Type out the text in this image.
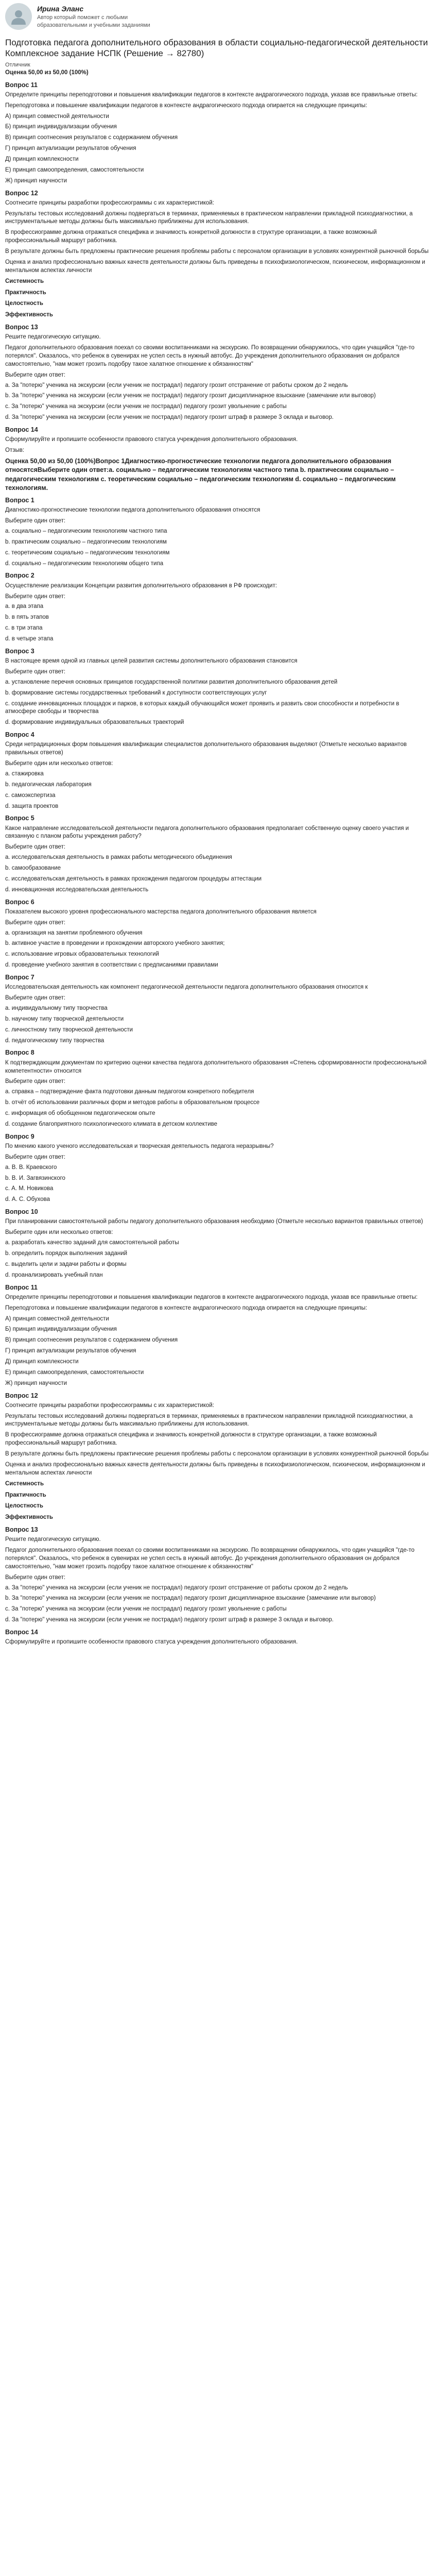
Ирина Эланс
Автор который поможет с любыми образовательными и учебными заданиями
Подготовка педагога дополнительного образования в области социально-педагогической деятельности Комплексное задание НСПК (Решение → 82780)
Отличник
Оценка 50,00 из 50,00 (100%)
Вопрос 11
Определите принципы переподготовки и повышения квалификации педагогов в контексте андрагогического подхода, указав все правильные ответы:
Переподготовка и повышение квалификации педагогов в контексте андрагогического подхода опирается на следующие принципы:
А) принцип совместной деятельности
Б) принцип индивидуализации обучения
В) принцип соотнесения результатов с содержанием обучения
Г) принцип актуализации результатов обучения
Д) принцип комплексности
Е) принцип самоопределения, самостоятельности
Ж) принцип научности
Вопрос 12
Соотнесите принципы разработки профессиограммы с их характеристикой:
Результаты тестовых исследований должны подвергаться в терминах, применяемых в практическом направлении прикладной психодиагностики, а инструментальные методы должны быть максимально приближены для использования.
В профессиограмме должна отражаться специфика и значимость конкретной должности в структуре организации, а также возможный профессиональный маршрут работника.
В результате должны быть предложены практические решения проблемы работы с персоналом организации в условиях конкурентной рыночной борьбы
Оценка и анализ профессионально важных качеств деятельности должны быть приведены в психофизиологическом, психическом, информационном и ментальном аспектах личности
Системность
Практичность
Целостность
Эффективность
Вопрос 13
Решите педагогическую ситуацию.
Педагог дополнительного образования поехал со своими воспитанниками на экскурсию. По возвращении обнаружилось, что один учащийся "где-то потерялся". Оказалось, что ребенок в сувенирах не успел сесть в нужный автобус. До учреждения дополнительного образования он добрался самостоятельно, "нам может грозить подобру такое халатное отношение к обязанностям"
Выберите один ответ:
а. За "потерю" ученика на экскурсии (если ученик не пострадал) педагогу грозит отстранение от работы сроком до 2 недель
b. За "потерю" ученика на экскурсии (если ученик не пострадал) педагогу грозит дисциплинарное взыскание (замечание или выговор)
c. За "потерю" ученика на экскурсии (если ученик не пострадал) педагогу грозит увольнение с работы
d. За "потерю" ученика на экскурсии (если ученик не пострадал) педагогу грозит штраф в размере 3 оклада и выговор.
Вопрос 14
Сформулируйте и пропишите особенности правового статуса учреждения дополнительного образования.
Отзыв:
Оценка 50,00 из 50,00 (100%)Вопрос 1Диагностико-прогностические технологии педагога дополнительного образования относятсяВыберите один ответ:a. социально – педагогическим технологиям частного типа b. практическим социально – педагогическим технологиям c. теоретическим социально – педагогическим технологиям d. социально – педагогическим технологиям.
Вопрос 1
Диагностико-прогностические технологии педагога дополнительного образования относятся
Выберите один ответ:
a. социально – педагогическим технологиям частного типа
b. практическим социально – педагогическим технологиям
c. теоретическим социально – педагогическим технологиям
d. социально – педагогическим технологиям общего типа
Вопрос 2
Осуществление реализации Концепции развития дополнительного образования в РФ происходит:
Выберите один ответ:
a. в два этапа
b. в пять этапов
c. в три этапа
d. в четыре этапа
Вопрос 3
В настоящее время одной из главных целей развития системы дополнительного образования становится
Выберите один ответ:
a. установление перечня основных принципов государственной политики развития дополнительного образования детей
b. формирование системы государственных требований к доступности соответствующих услуг
c. создание инновационных площадок и парков, в которых каждый обучающийся может проявить и развить свои способности и потребности в атмосфере свободы и творчества
d. формирование индивидуальных образовательных траекторий
Вопрос 4
Среди нетрадиционных форм повышения квалификации специалистов дополнительного образования выделяют (Отметьте несколько вариантов правильных ответов)
Выберите один или несколько ответов:
a. стажировка
b. педагогическая лаборатория
c. самоэкспертиза
d. защита проектов
Вопрос 5
Какое направление исследовательской деятельности педагога дополнительного образования предполагает собственную оценку своего участия и связанную с планом работы учреждения работу?
Выберите один ответ:
a. исследовательская деятельность в рамках работы методического объединения
b. самообразование
c. исследовательская деятельность в рамках прохождения педагогом процедуры аттестации
d. инновационная исследовательская деятельность
Вопрос 6
Показателем высокого уровня профессионального мастерства педагога дополнительного образования является
Выберите один ответ:
a. организация на занятии проблемного обучения
b. активное участие в проведении и прохождении авторского учебного занятия;
c. использование игровых образовательных технологий
d. проведение учебного занятия в соответствии с предписаниями правилами
Вопрос 7
Исследовательская деятельность как компонент педагогической деятельности педагога дополнительного образования относится к
Выберите один ответ:
a. индивидуальному типу творчества
b. научному типу творческой деятельности
c. личностному типу творческой деятельности
d. педагогическому типу творчества
Вопрос 8
К подтверждающим документам по критерию оценки качества педагога дополнительного образования «Степень сформированности профессиональной компетентности» относится
Выберите один ответ:
a. справка – подтверждение факта подготовки данным педагогом конкретного победителя
b. отчёт об использовании различных форм и методов работы в образовательном процессе
c. информация об обобщенном педагогическом опыте
d. создание благоприятного психологического климата в детском коллективе
Вопрос 9
По мнению какого ученого исследовательская и творческая деятельность педагога неразрывны?
Выберите один ответ:
a. В. В. Краевского
b. В. И. Загвязинского
c. А. М. Новикова
d. А. С. Обухова
Вопрос 10
При планировании самостоятельной работы педагогу дополнительного образования необходимо (Отметьте несколько вариантов правильных ответов)
Выберите один или несколько ответов:
a. разработать качество заданий для самостоятельной работы
b. определить порядок выполнения заданий
c. выделить цели и задачи работы и формы
d. проанализировать учебный план
Вопрос 11
Определите принципы переподготовки и повышения квалификации педагогов в контексте андрагогического подхода, указав все правильные ответы:
Переподготовка и повышение квалификации педагогов в контексте андрагогического подхода опирается на следующие принципы:
А) принцип совместной деятельности
Б) принцип индивидуализации обучения
В) принцип соотнесения результатов с содержанием обучения
Г) принцип актуализации результатов обучения
Д) принцип комплексности
Е) принцип самоопределения, самостоятельности
Ж) принцип научности
Вопрос 12
Соотнесите принципы разработки профессиограммы с их характеристикой:
Результаты тестовых исследований должны подвергаться в терминах, применяемых в практическом направлении прикладной психодиагностики, а инструментальные методы должны быть максимально приближены для использования.
В профессиограмме должна отражаться специфика и значимость конкретной должности в структуре организации, а также возможный профессиональный маршрут работника.
В результате должны быть предложены практические решения проблемы работы с персоналом организации в условиях конкурентной рыночной борьбы
Оценка и анализ профессионально важных качеств деятельности должны быть приведены в психофизиологическом, психическом, информационном и ментальном аспектах личности
Системность
Практичность
Целостность
Эффективность
Вопрос 13
Решите педагогическую ситуацию.
Педагог дополнительного образования поехал со своими воспитанниками на экскурсию. По возвращении обнаружилось, что один учащийся "где-то потерялся". Оказалось, что ребенок в сувенирах не успел сесть в нужный автобус. До учреждения дополнительного образования он добрался самостоятельно, "нам может грозить подобру такое халатное отношение к обязанностям"
Выберите один ответ:
a. За "потерю" ученика на экскурсии (если ученик не пострадал) педагогу грозит отстранение от работы сроком до 2 недель
b. За "потерю" ученика на экскурсии (если ученик не пострадал) педагогу грозит дисциплинарное взыскание (замечание или выговор)
c. За "потерю" ученика на экскурсии (если ученик не пострадал) педагогу грозит увольнение с работы
d. За "потерю" ученика на экскурсии (если ученик не пострадал) педагогу грозит штраф в размере 3 оклада и выговор.
Вопрос 14
Сформулируйте и пропишите особенности правового статуса учреждения дополнительного образования.
